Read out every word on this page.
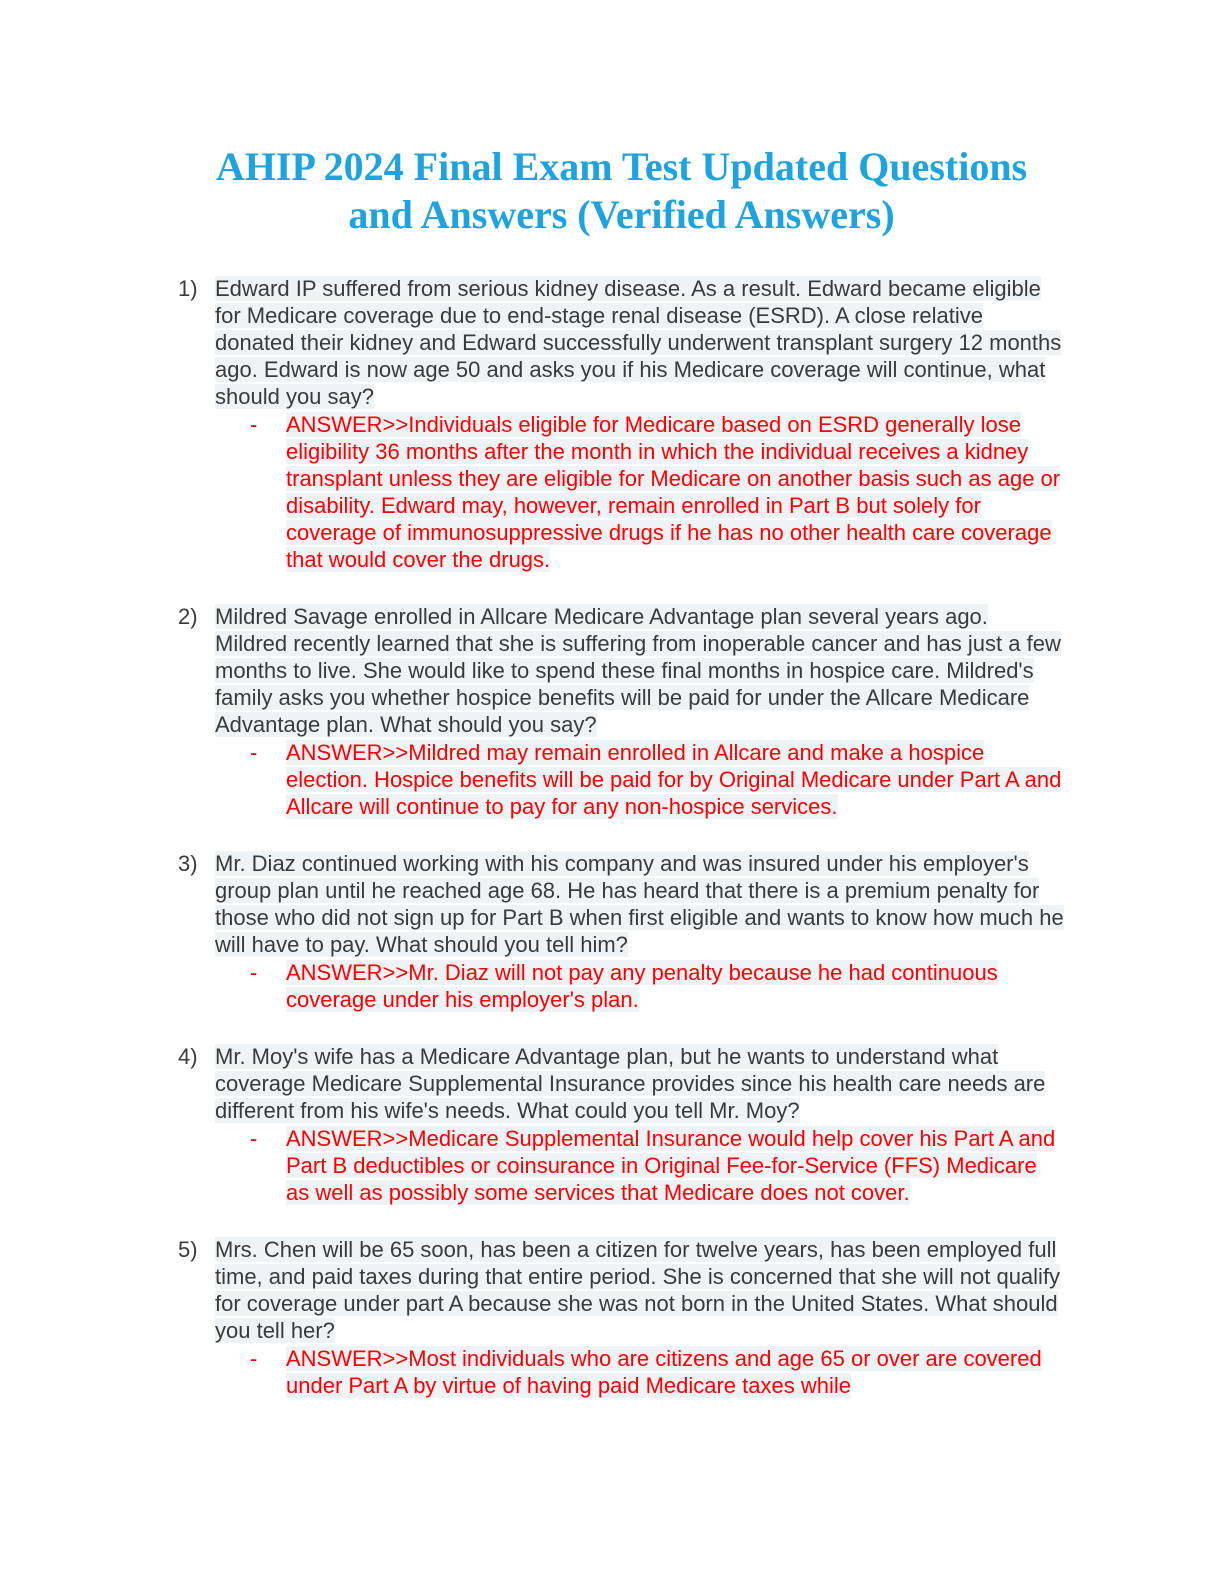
AHIP 2024 Final Exam Test Updated Questions
and Answers (Verified Answers)
1) Edward IP suffered from serious kidney disease. As a result. Edward became eligible for Medicare coverage due to end-stage renal disease (ESRD). A close relative donated their kidney and Edward successfully underwent transplant surgery 12 months ago. Edward is now age 50 and asks you if his Medicare coverage will continue, what should you say?
-	ANSWER>>Individuals eligible for Medicare based on ESRD generally lose eligibility 36 months after the month in which the individual receives a kidney transplant unless they are eligible for Medicare on another basis such as age or disability. Edward may, however, remain enrolled in Part B but solely for coverage of immunosuppressive drugs if he has no other health care coverage that would cover the drugs.
2) Mildred Savage enrolled in Allcare Medicare Advantage plan several years ago. Mildred recently learned that she is suffering from inoperable cancer and has just a few months to live. She would like to spend these final months in hospice care. Mildred's family asks you whether hospice benefits will be paid for under the Allcare Medicare Advantage plan. What should you say?
-	ANSWER>>Mildred may remain enrolled in Allcare and make a hospice election. Hospice benefits will be paid for by Original Medicare under Part A and Allcare will continue to pay for any non-hospice services.
3) Mr. Diaz continued working with his company and was insured under his employer's group plan until he reached age 68. He has heard that there is a premium penalty for those who did not sign up for Part B when first eligible and wants to know how much he will have to pay. What should you tell him?
-	ANSWER>>Mr. Diaz will not pay any penalty because he had continuous coverage under his employer's plan.
4) Mr. Moy's wife has a Medicare Advantage plan, but he wants to understand what coverage Medicare Supplemental Insurance provides since his health care needs are different from his wife's needs. What could you tell Mr. Moy?
-	ANSWER>>Medicare Supplemental Insurance would help cover his Part A and Part B deductibles or coinsurance in Original Fee-for-Service (FFS) Medicare as well as possibly some services that Medicare does not cover.
5) Mrs. Chen will be 65 soon, has been a citizen for twelve years, has been employed full time, and paid taxes during that entire period. She is concerned that she will not qualify for coverage under part A because she was not born in the United States. What should you tell her?
-	ANSWER>>Most individuals who are citizens and age 65 or over are covered under Part A by virtue of having paid Medicare taxes while
